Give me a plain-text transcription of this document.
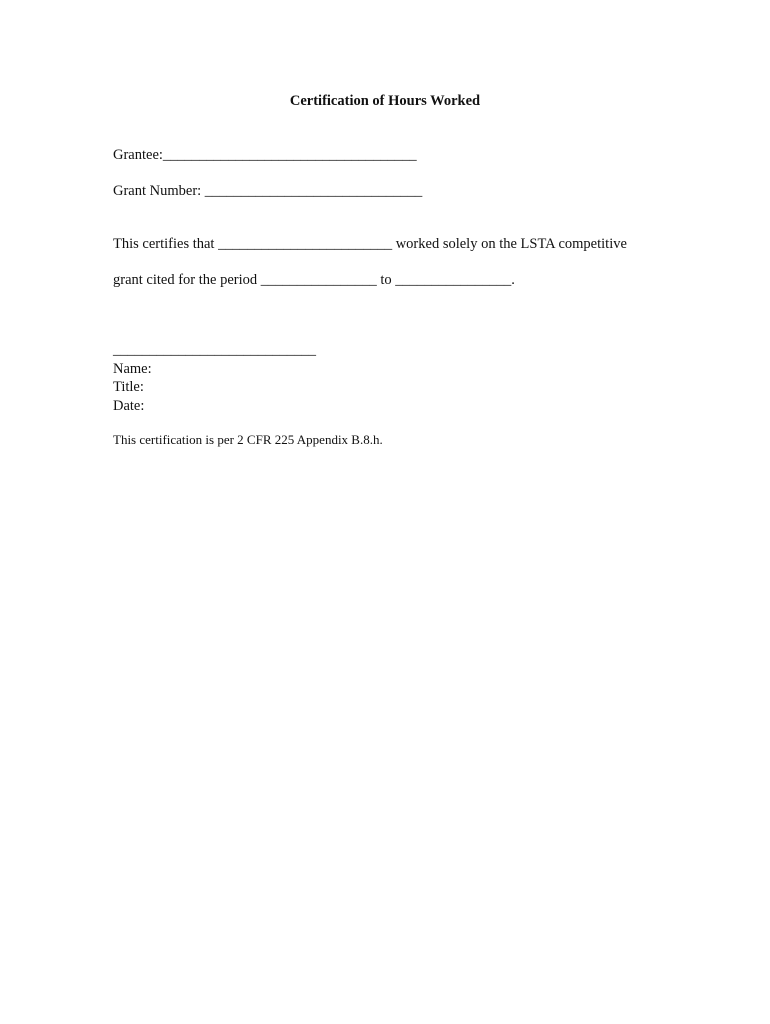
Certification of Hours Worked
Grantee:___________________________________
Grant Number: ______________________________
This certifies that ________________________ worked solely on the LSTA competitive
grant cited for the period ________________ to ________________.
____________________________
Name:
Title:
Date:
This certification is per 2 CFR 225 Appendix B.8.h.
